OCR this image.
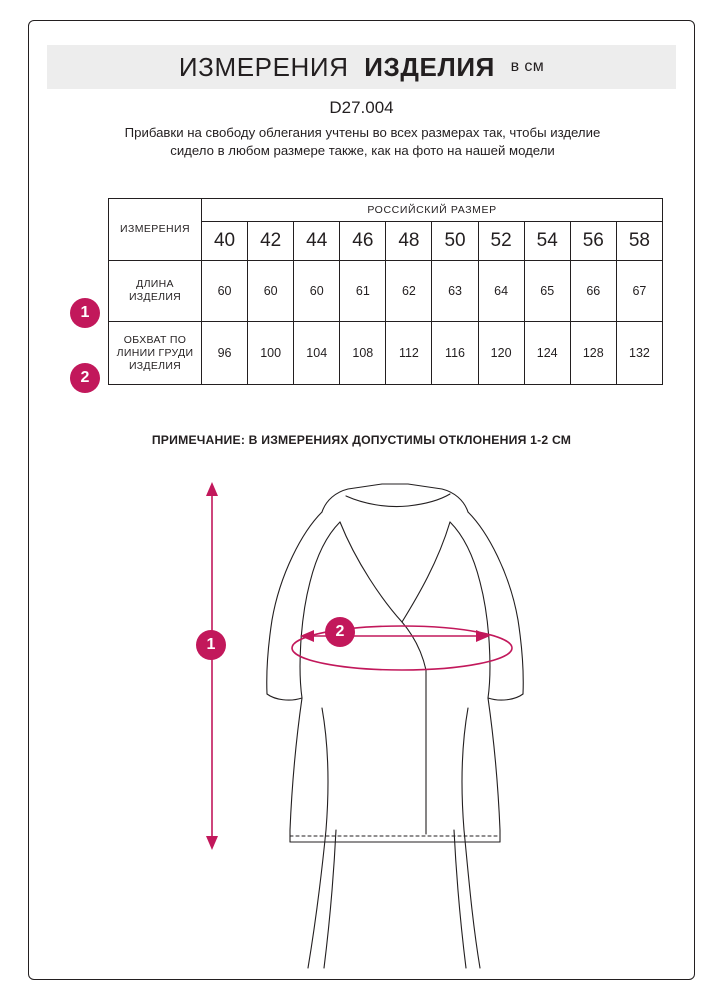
ИЗМЕРЕНИЯ
ИЗДЕЛИЯ
в см
D27.004
Прибавки на свободу облегания учтены во всех размерах так, чтобы изделие сидело в любом размере также, как на фото на нашей модели
ИЗМЕРЕНИЯ	РОССИЙСКИЙ РАЗМЕР									
	40	42	44	46	48	50	52	54	56	58
ДЛИНА ИЗДЕЛИЯ	60	60	60	61	62	63	64	65	66	67
ОБХВАТ ПО ЛИНИИ ГРУДИ ИЗДЕЛИЯ	96	100	104	108	112	116	120	124	128	132
1
2
ПРИМЕЧАНИЕ: В ИЗМЕРЕНИЯХ ДОПУСТИМЫ ОТКЛОНЕНИЯ 1-2 СМ
1
2
